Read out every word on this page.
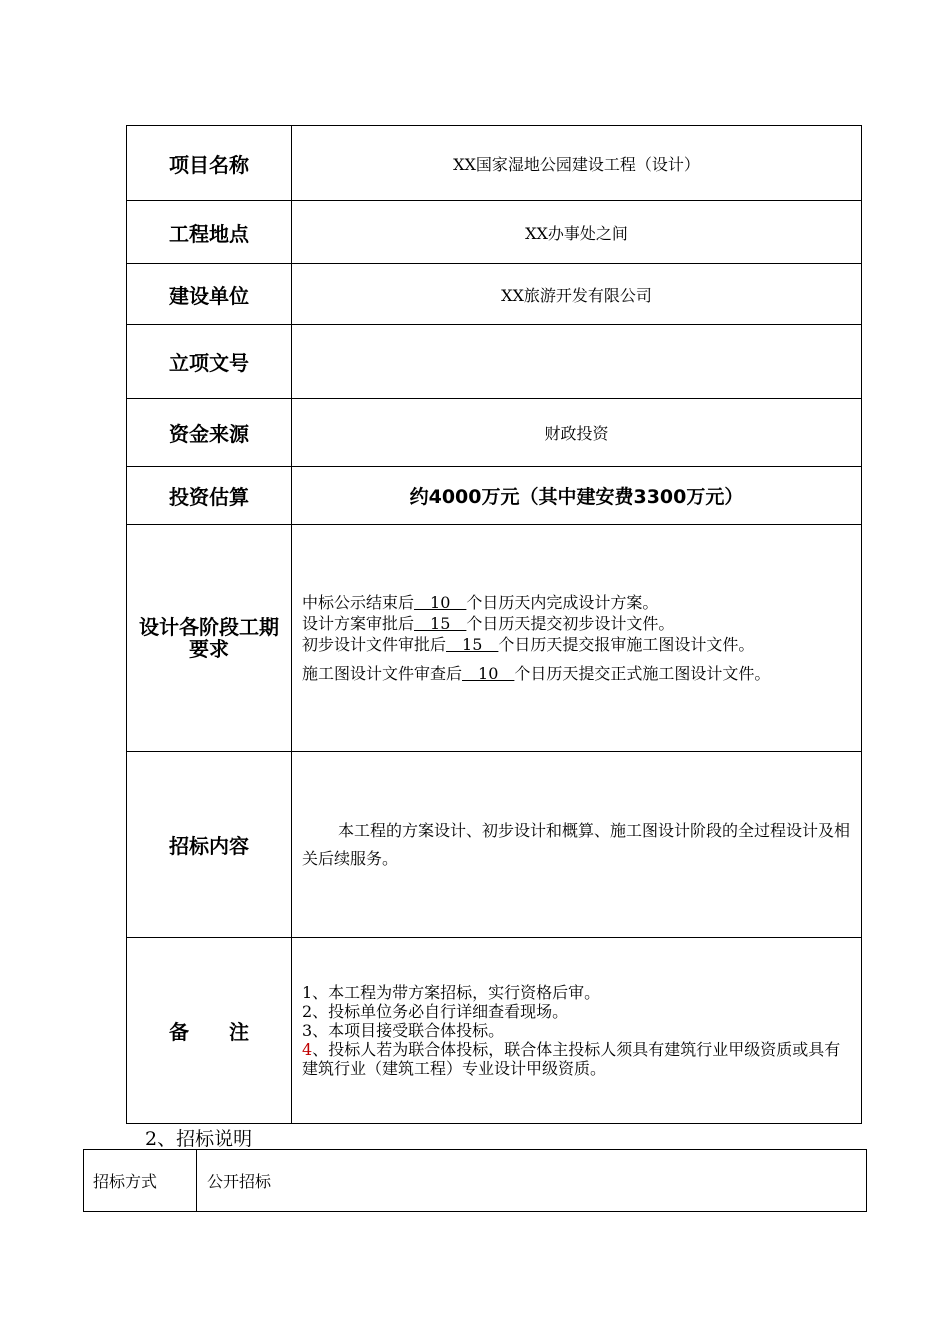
项目名称	XX国家湿地公园建设工程（设计）
工程地点	XX办事处之间
建设单位	XX旅游开发有限公司
立项文号	
资金来源	财政投资
投资估算	约4000万元（其中建安费3300万元）
设计各阶段工期要求	中标公示结束后　10　个日历天内完成设计方案。
设计方案审批后　15　个日历天提交初步设计文件。
初步设计文件审批后　15　个日历天提交报审施工图设计文件。
施工图设计文件审查后　10　个日历天提交正式施工图设计文件。

招标内容	本工程的方案设计、初步设计和概算、施工图设计阶段的全过程设计及相关后续服务。

备　　注	1、本工程为带方案招标，实行资格后审。
2、投标单位务必自行详细查看现场。
3、本项目接受联合体投标。
4、投标人若为联合体投标，联合体主投标人须具有建筑行业甲级资质或具有建筑行业（建筑工程）专业设计甲级资质。
2、招标说明
招标方式	公开招标
